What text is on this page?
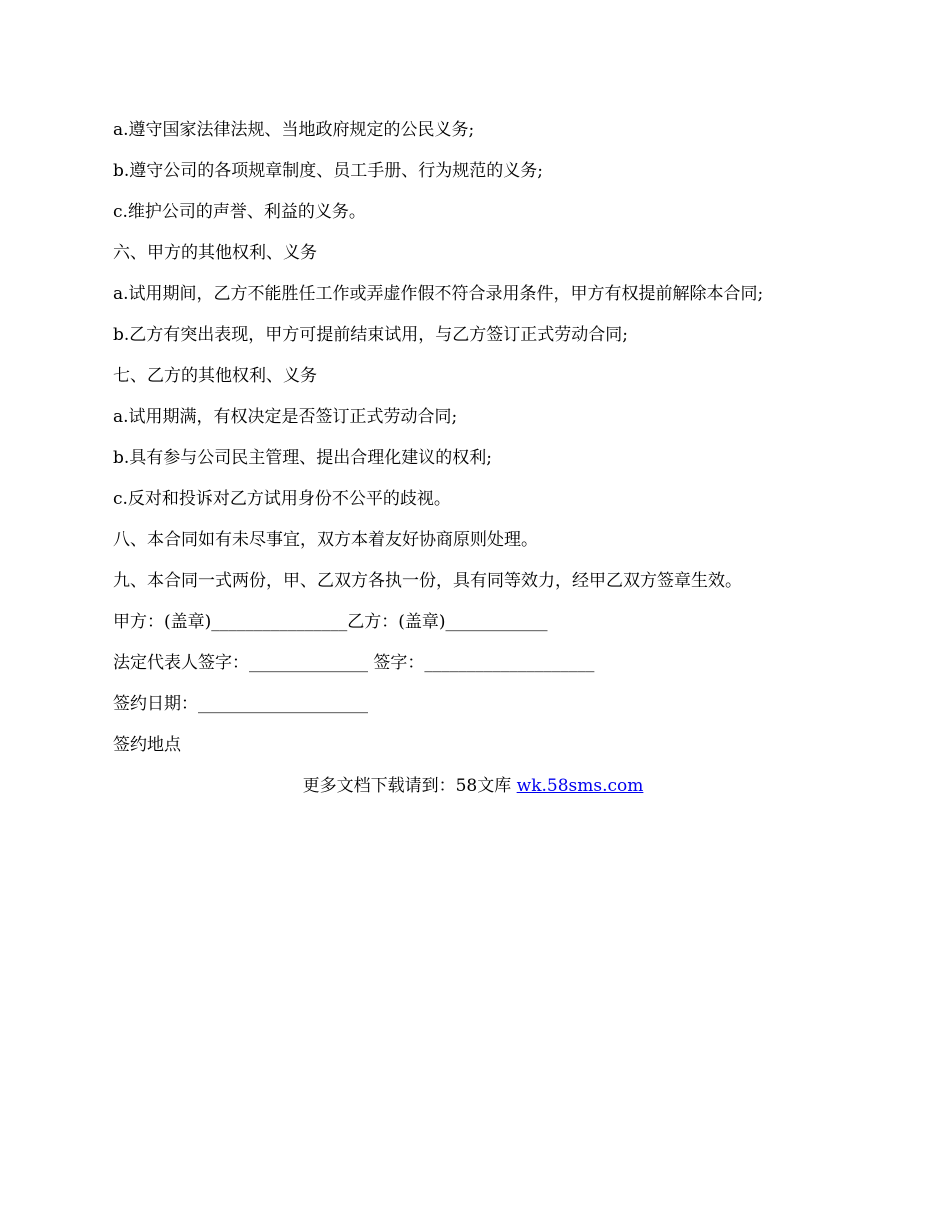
a.遵守国家法律法规、当地政府规定的公民义务;
b.遵守公司的各项规章制度、员工手册、行为规范的义务;
c.维护公司的声誉、利益的义务。
六、甲方的其他权利、义务
a.试用期间，乙方不能胜任工作或弄虚作假不符合录用条件，甲方有权提前解除本合同;
b.乙方有突出表现，甲方可提前结束试用，与乙方签订正式劳动合同;
七、乙方的其他权利、义务
a.试用期满，有权决定是否签订正式劳动合同;
b.具有参与公司民主管理、提出合理化建议的权利;
c.反对和投诉对乙方试用身份不公平的歧视。
八、本合同如有未尽事宜，双方本着友好协商原则处理。
九、本合同一式两份，甲、乙双方各执一份，具有同等效力，经甲乙双方签章生效。
甲方：(盖章)________________乙方：(盖章)____________
法定代表人签字：______________ 签字：____________________
签约日期：____________________
签约地点
更多文档下载请到：58文库 wk.58sms.com
